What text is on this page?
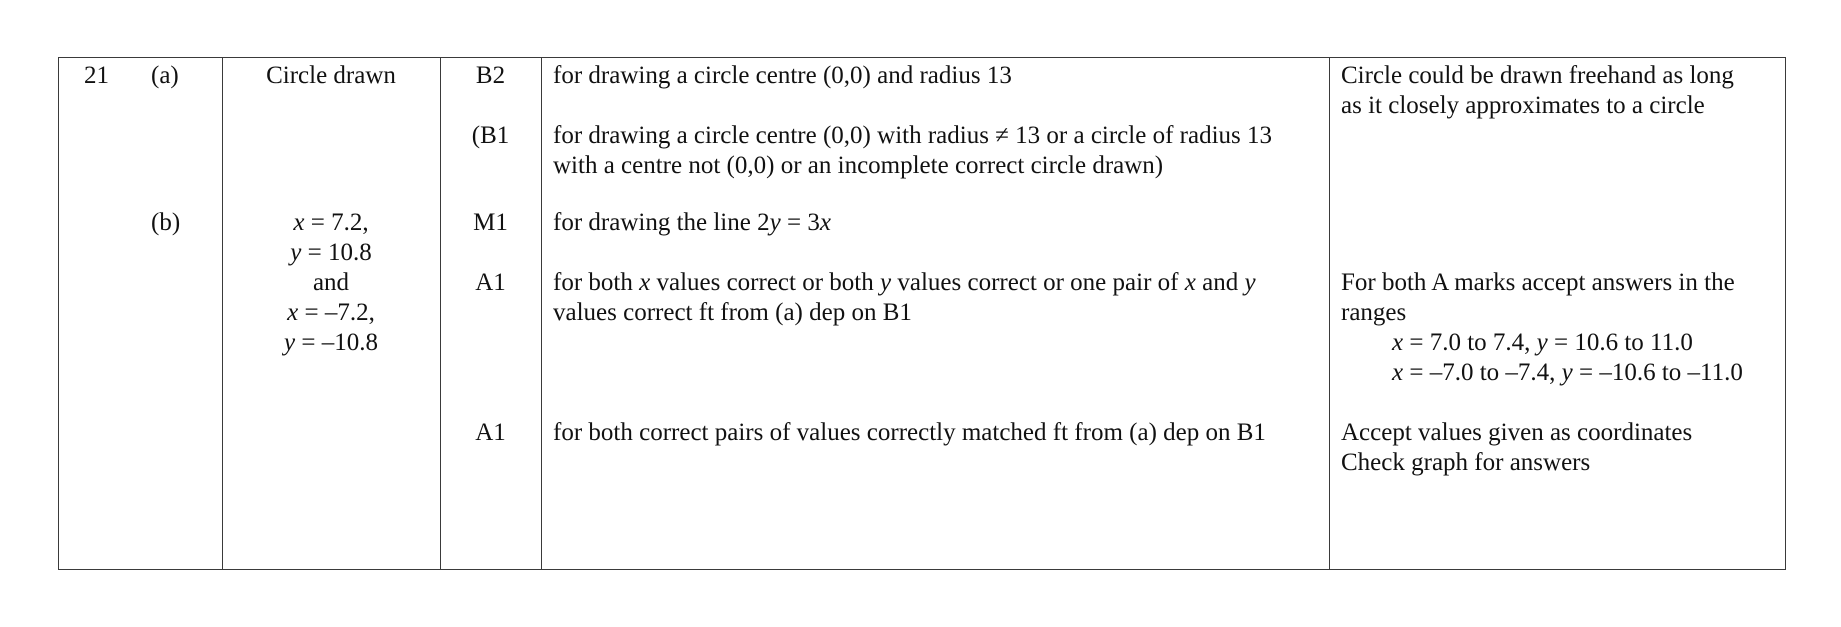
21 (a)
(b)
Circle drawn
x = 7.2,
y = 10.8
and
x = –7.2,
y = –10.8
B2
(B1
M1
A1
A1
for drawing a circle centre (0,0) and radius 13
for drawing a circle centre (0,0) with radius ≠ 13 or a circle of radius 13
with a centre not (0,0) or an incomplete correct circle drawn)
for drawing the line 2y = 3x
for both x values correct or both y values correct or one pair of x and y
values correct ft from (a) dep on B1
for both correct pairs of values correctly matched ft from (a) dep on B1
Circle could be drawn freehand as long
as it closely approximates to a circle
For both A marks accept answers in the
ranges
x = 7.0 to 7.4, y = 10.6 to 11.0
x = –7.0 to –7.4, y = –10.6 to –11.0
Accept values given as coordinates
Check graph for answers
